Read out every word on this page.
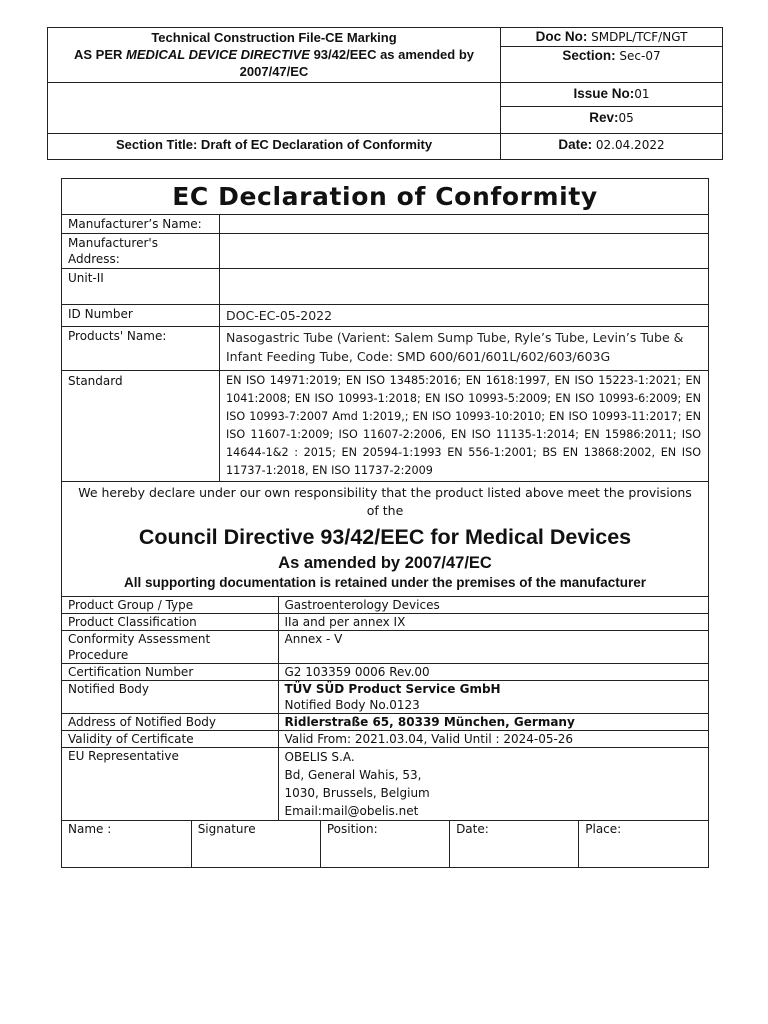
Technical Construction File-CE Marking
AS PER MEDICAL DEVICE DIRECTIVE 93/42/EEC as amended by
2007/47/EC	Doc No: SMDPL/TCF/NGT
	Section: Sec-07
	Issue No:01
	Rev:05
Section Title: Draft of EC Declaration of Conformity	Date: 02.04.2022
EC Declaration of Conformity
Manufacturer’s Name:	
Manufacturer's Address:	
Unit-II	
ID Number	DOC-EC-05-2022
Products' Name:	Nasogastric Tube (Varient: Salem Sump Tube, Ryle’s Tube, Levin’s Tube & Infant Feeding Tube, Code: SMD 600/601/601L/602/603/603G
Standard	EN ISO 14971:2019; EN ISO 13485:2016; EN 1618:1997, EN ISO 15223-1:2021; EN 1041:2008; EN ISO 10993-1:2018; EN ISO 10993-5:2009; EN ISO 10993-6:2009; EN ISO 10993-7:2007 Amd 1:2019,; EN ISO 10993-10:2010; EN ISO 10993-11:2017; EN ISO 11607-1:2009; ISO 11607-2:2006, EN ISO 11135-1:2014; EN 15986:2011; ISO 14644-1&2 : 2015; EN 20594-1:1993 EN 556-1:2001; BS EN 13868:2002, EN ISO 11737-1:2018, EN ISO 11737-2:2009

We hereby declare under our own responsibility that the product listed above meet the provisions of the
Council Directive 93/42/EEC for Medical Devices
As amended by 2007/47/EC
All supporting documentation is retained under the premises of the manufacturer

Product Group / Type	Gastroenterology Devices
Product Classification	IIa and per annex IX
Conformity Assessment Procedure	Annex - V
Certification Number	G2 103359 0006 Rev.00
Notified Body	TÜV SÜD Product Service GmbH
Notified Body No.0123

Address of Notified Body	Ridlerstraße 65, 80339 München, Germany
Validity of Certificate	Valid From: 2021.03.04, Valid Until : 2024-05-26
EU Representative	OBELIS S.A.
Bd, General Wahis, 53,
1030, Brussels, Belgium
Email:mail@obelis.net

Name :	Signature	Position:	Date:	Place:
